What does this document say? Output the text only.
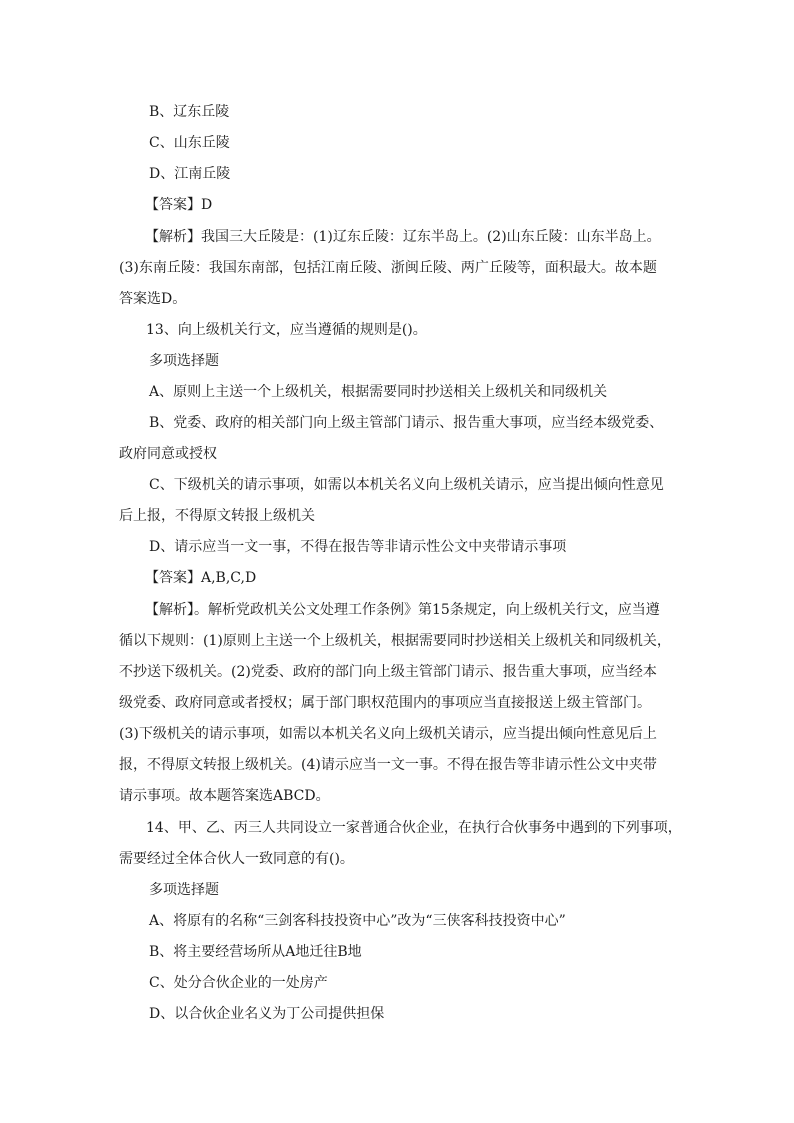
B、辽东丘陵
C、山东丘陵
D、江南丘陵
【答案】D
【解析】我国三大丘陵是：(1)辽东丘陵：辽东半岛上。(2)山东丘陵：山东半岛上。
(3)东南丘陵：我国东南部，包括江南丘陵、浙闽丘陵、两广丘陵等，面积最大。故本题
答案选D。
13、向上级机关行文，应当遵循的规则是()。
多项选择题
A、原则上主送一个上级机关，根据需要同时抄送相关上级机关和同级机关
B、党委、政府的相关部门向上级主管部门请示、报告重大事项，应当经本级党委、
政府同意或授权
C、下级机关的请示事项，如需以本机关名义向上级机关请示，应当提出倾向性意见
后上报，不得原文转报上级机关
D、请示应当一文一事，不得在报告等非请示性公文中夹带请示事项
【答案】A,B,C,D
【解析】。解析党政机关公文处理工作条例》第15条规定，向上级机关行文，应当遵
循以下规则：(1)原则上主送一个上级机关，根据需要同时抄送相关上级机关和同级机关，
不抄送下级机关。(2)党委、政府的部门向上级主管部门请示、报告重大事项，应当经本
级党委、政府同意或者授权；属于部门职权范围内的事项应当直接报送上级主管部门。
(3)下级机关的请示事项，如需以本机关名义向上级机关请示，应当提出倾向性意见后上
报，不得原文转报上级机关。(4)请示应当一文一事。不得在报告等非请示性公文中夹带
请示事项。故本题答案选ABCD。
14、甲、乙、丙三人共同设立一家普通合伙企业，在执行合伙事务中遇到的下列事项，
需要经过全体合伙人一致同意的有()。
多项选择题
A、将原有的名称“三剑客科技投资中心”改为“三侠客科技投资中心”
B、将主要经营场所从A地迁往B地
C、处分合伙企业的一处房产
D、以合伙企业名义为丁公司提供担保
